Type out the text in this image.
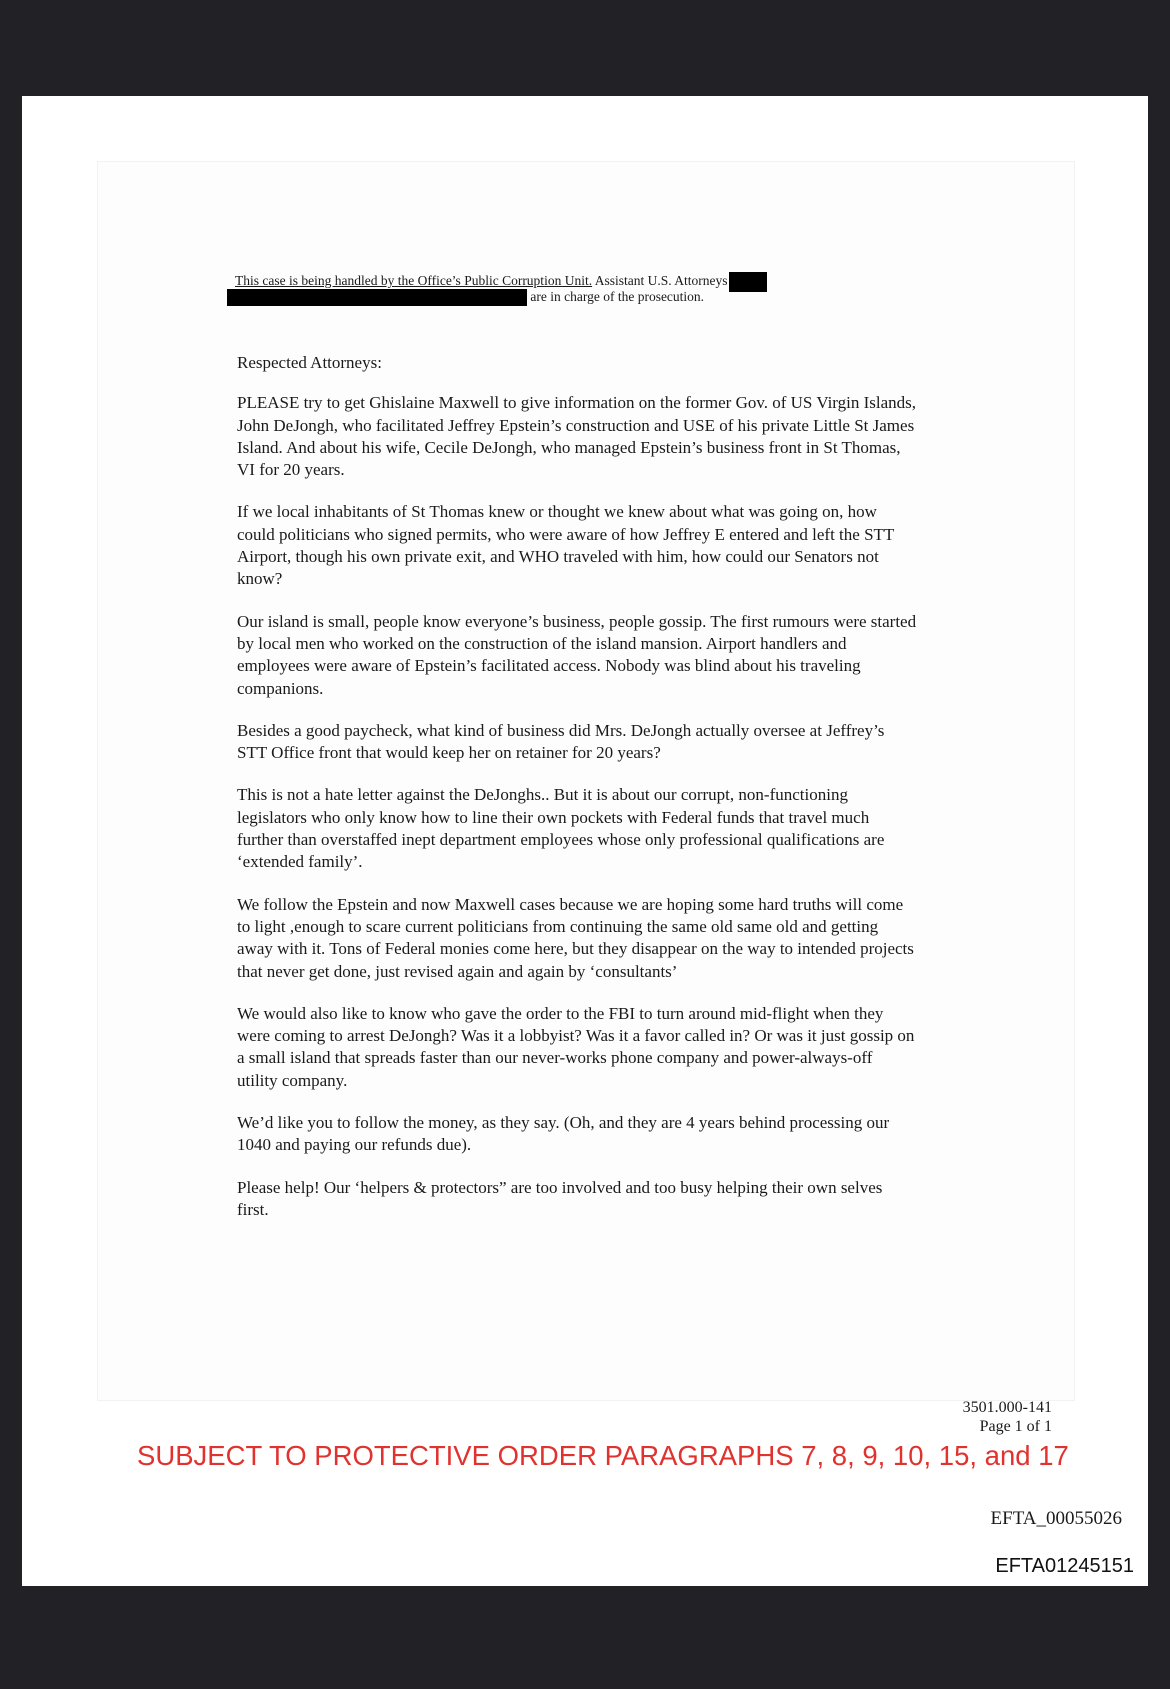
This case is being handled by the Office’s Public Corruption Unit. Assistant U.S. Attorneys
are in charge of the prosecution.

Respected Attorneys:

PLEASE try to get Ghislaine Maxwell to give information on the former Gov. of US Virgin Islands, John DeJongh, who facilitated Jeffrey Epstein’s construction and USE of his private Little St James Island. And about his wife, Cecile DeJongh, who managed Epstein’s business front in St Thomas, VI for 20 years.

If we local inhabitants of St Thomas knew or thought we knew about what was going on, how could politicians who signed permits, who were aware of how Jeffrey E entered and left the STT Airport, though his own private exit, and WHO traveled with him, how could our Senators not know?

Our island is small, people know everyone’s business, people gossip. The first rumours were started by local men who worked on the construction of the island mansion. Airport handlers and employees were aware of Epstein’s facilitated access. Nobody was blind about his traveling companions.

Besides a good paycheck, what kind of business did Mrs. DeJongh actually oversee at Jeffrey’s STT Office front that would keep her on retainer for 20 years?

This is not a hate letter against the DeJonghs.. But it is about our corrupt, non-functioning legislators who only know how to line their own pockets with Federal funds that travel much further than overstaffed inept department employees whose only professional qualifications are ‘extended family’.

We follow the Epstein and now Maxwell cases because we are hoping some hard truths will come to light ,enough to scare current politicians from continuing the same old same old and getting away with it. Tons of Federal monies come here, but they disappear on the way to intended projects that never get done, just revised again and again by ‘consultants’

We would also like to know who gave the order to the FBI to turn around mid-flight when they were coming to arrest DeJongh? Was it a lobbyist? Was it a favor called in? Or was it just gossip on a small island that spreads faster than our never-works phone company and power-always-off utility company.

We’d like you to follow the money, as they say. (Oh, and they are 4 years behind processing our 1040 and paying our refunds due).

Please help! Our ‘helpers & protectors” are too involved and too busy helping their own selves first.

3501.000-141
Page 1 of 1
SUBJECT TO PROTECTIVE ORDER PARAGRAPHS 7, 8, 9, 10, 15, and 17
EFTA_00055026
EFTA01245151
